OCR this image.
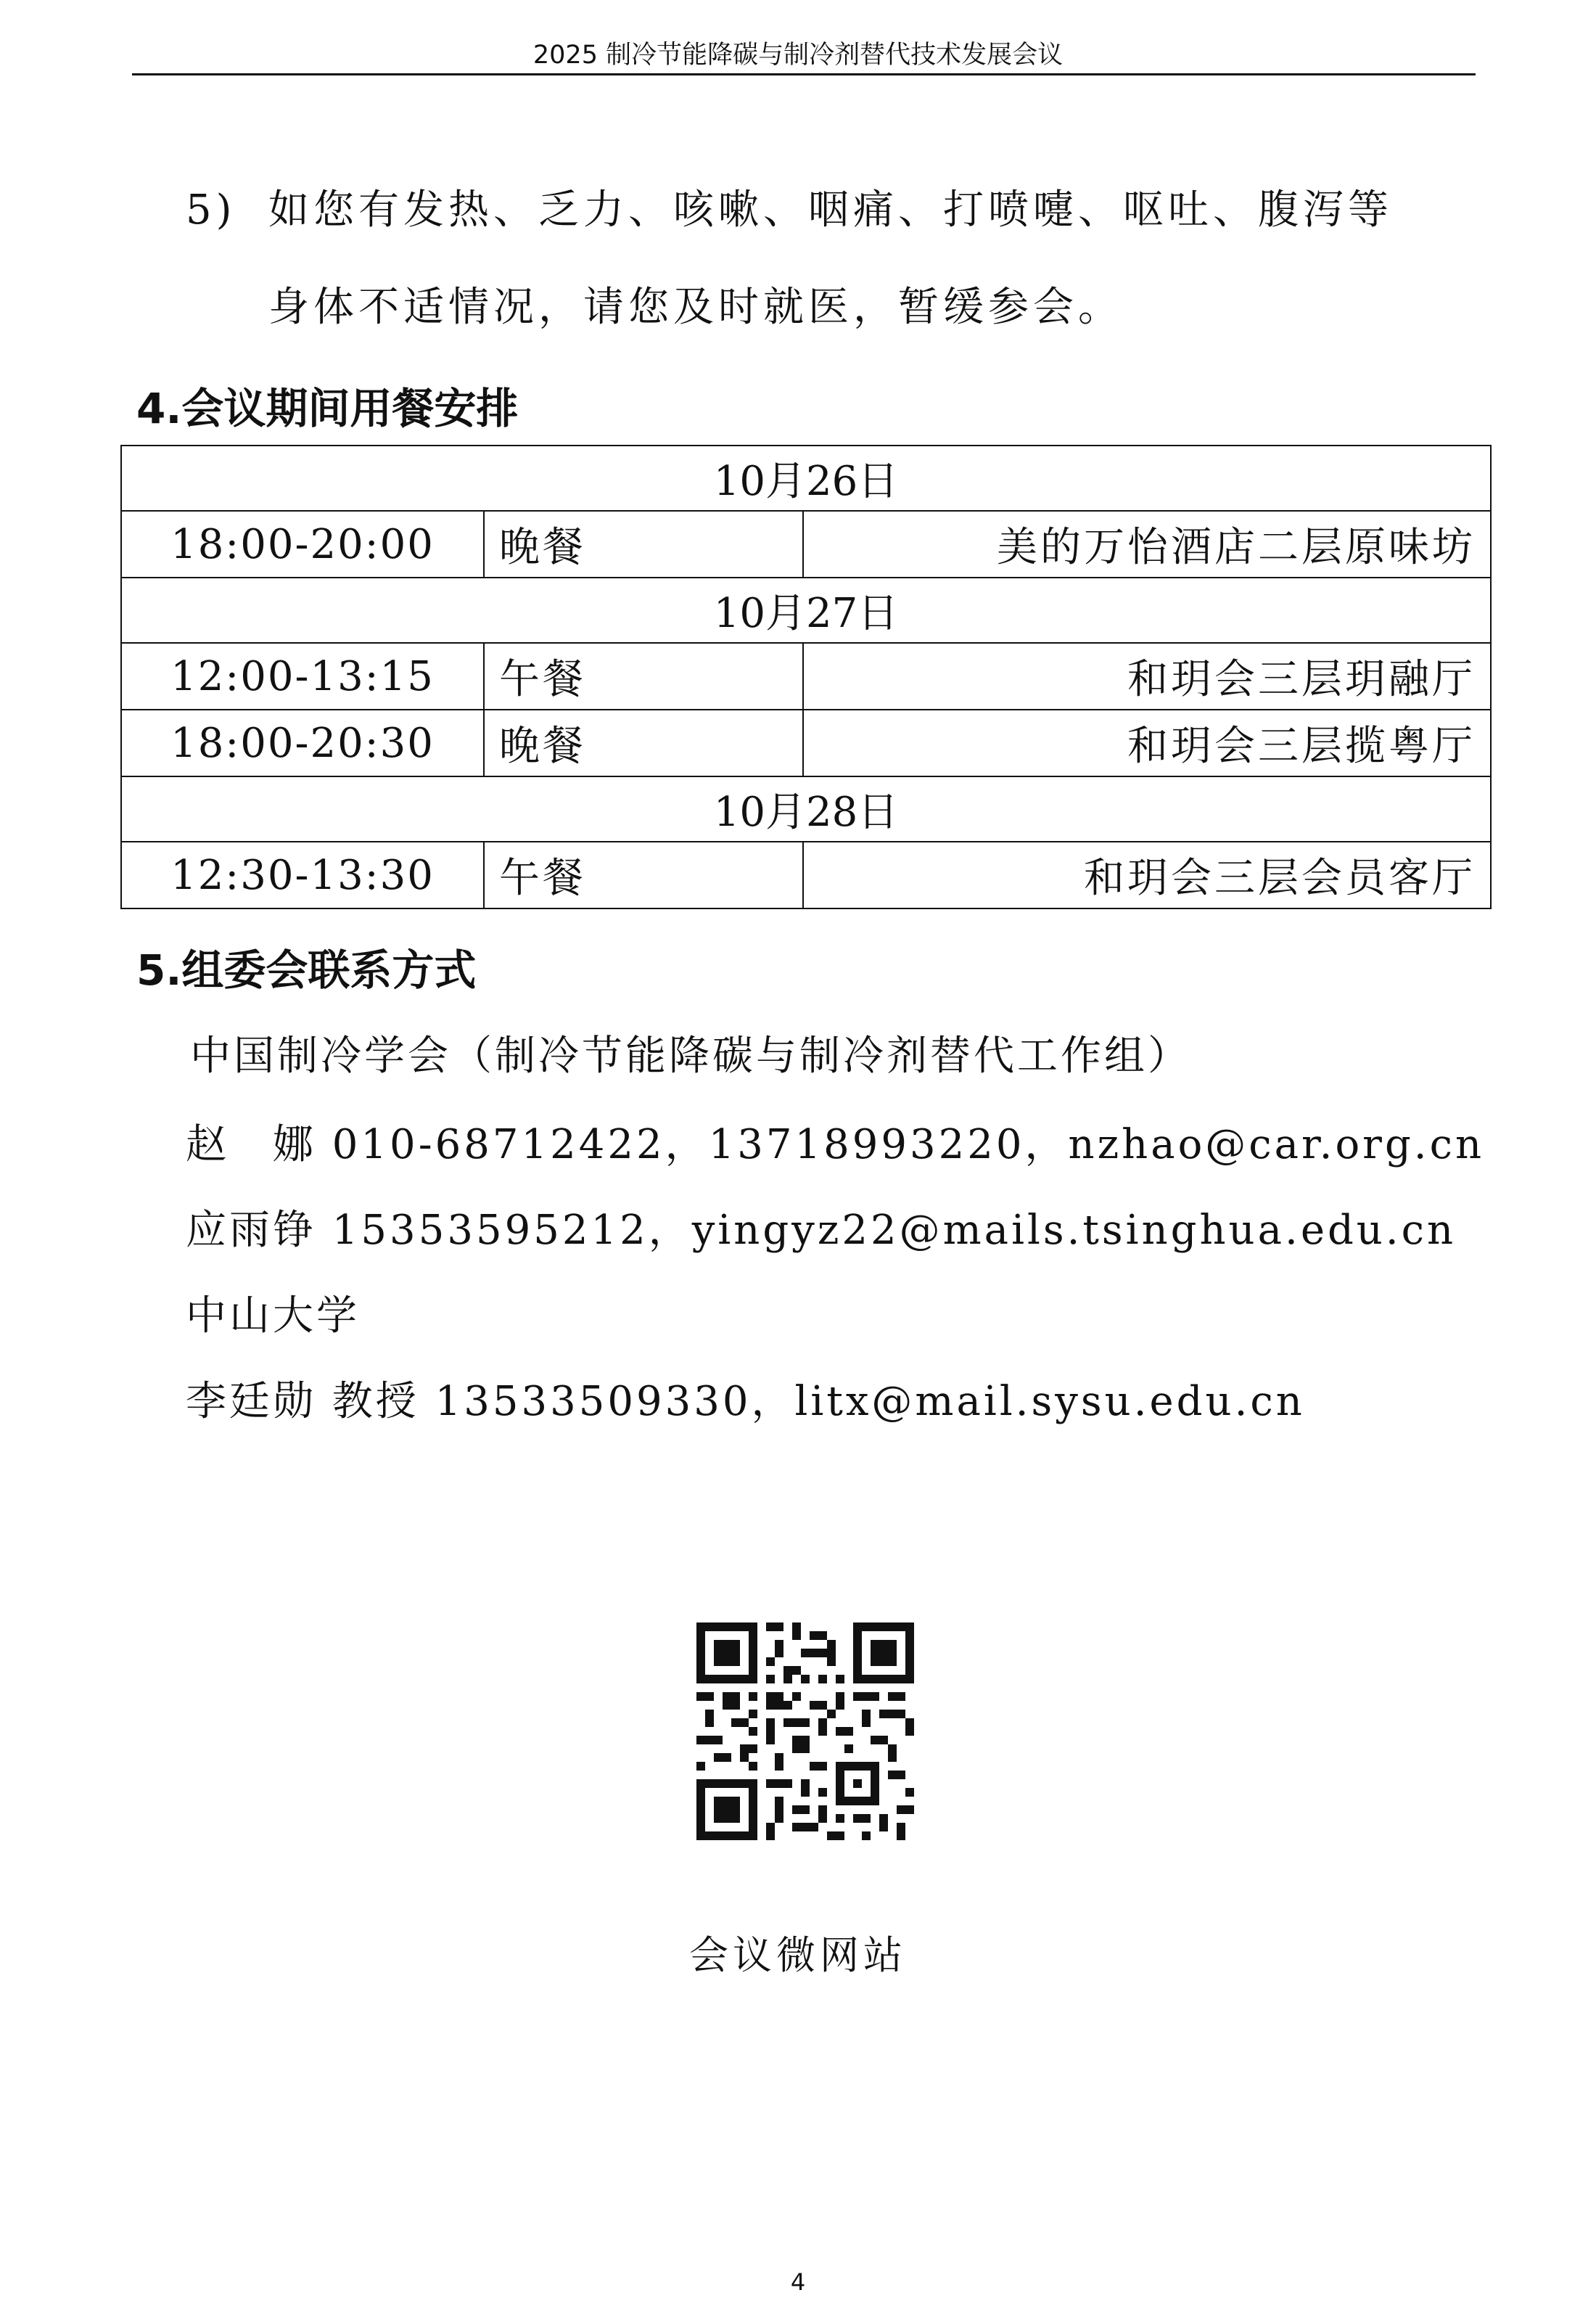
2025 制冷节能降碳与制冷剂替代技术发展会议
5) 如您有发热、乏力、咳嗽、咽痛、打喷嚏、呕吐、腹泻等
身体不适情况，请您及时就医，暂缓参会。
4.会议期间用餐安排
10月26日		
18:00-20:00	晚餐	美的万怡酒店二层原味坊
10月27日		
12:00-13:15	午餐	和玥会三层玥融厅
18:00-20:30	晚餐	和玥会三层揽粤厅
10月28日		
12:30-13:30	午餐	和玥会三层会员客厅
5.组委会联系方式
中国制冷学会（制冷节能降碳与制冷剂替代工作组）
赵　娜 010-68712422，13718993220，nzhao@car.org.cn
应雨铮 15353595212，yingyz22@mails.tsinghua.edu.cn
中山大学
李廷勋 教授 13533509330，litx@mail.sysu.edu.cn
会议微网站
4
